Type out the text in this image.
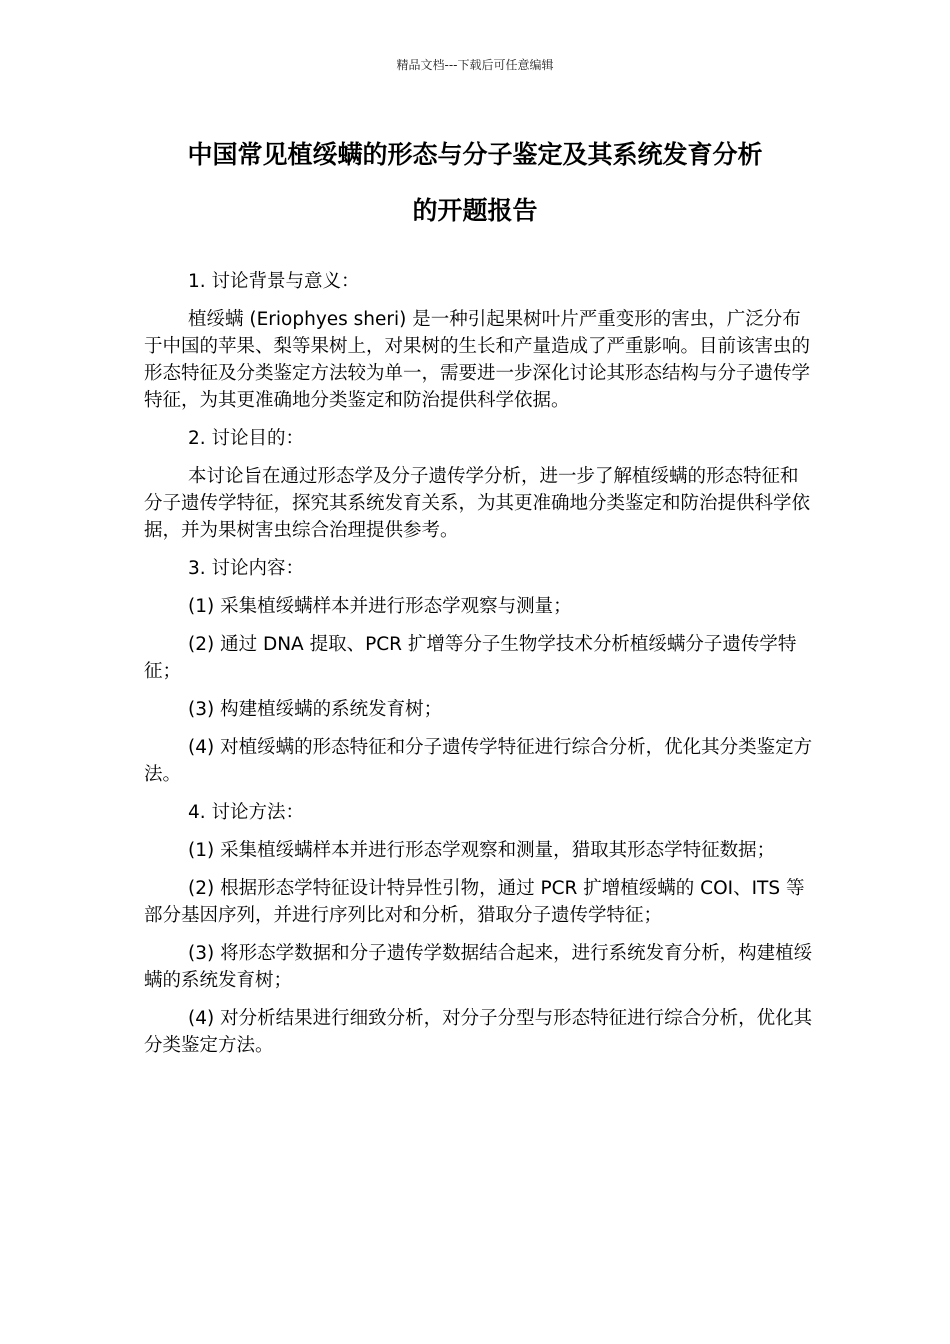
精品文档---下载后可任意编辑
中国常见植绥螨的形态与分子鉴定及其系统发育分析
的开题报告

1. 讨论背景与意义：

植绥螨 (Eriophyes sheri) 是一种引起果树叶片严重变形的害虫，广泛分布于中国的苹果、梨等果树上，对果树的生长和产量造成了严重影响。目前该害虫的形态特征及分类鉴定方法较为单一，需要进一步深化讨论其形态结构与分子遗传学特征，为其更准确地分类鉴定和防治提供科学依据。

2. 讨论目的：

本讨论旨在通过形态学及分子遗传学分析，进一步了解植绥螨的形态特征和分子遗传学特征，探究其系统发育关系，为其更准确地分类鉴定和防治提供科学依据，并为果树害虫综合治理提供参考。

3. 讨论内容：

(1) 采集植绥螨样本并进行形态学观察与测量；

(2) 通过 DNA 提取、PCR 扩增等分子生物学技术分析植绥螨分子遗传学特征；

(3) 构建植绥螨的系统发育树；

(4) 对植绥螨的形态特征和分子遗传学特征进行综合分析，优化其分类鉴定方法。

4. 讨论方法：

(1) 采集植绥螨样本并进行形态学观察和测量，猎取其形态学特征数据；

(2) 根据形态学特征设计特异性引物，通过 PCR 扩增植绥螨的 COI、ITS 等部分基因序列，并进行序列比对和分析，猎取分子遗传学特征；

(3) 将形态学数据和分子遗传学数据结合起来，进行系统发育分析，构建植绥螨的系统发育树；

(4) 对分析结果进行细致分析，对分子分型与形态特征进行综合分析，优化其分类鉴定方法。
